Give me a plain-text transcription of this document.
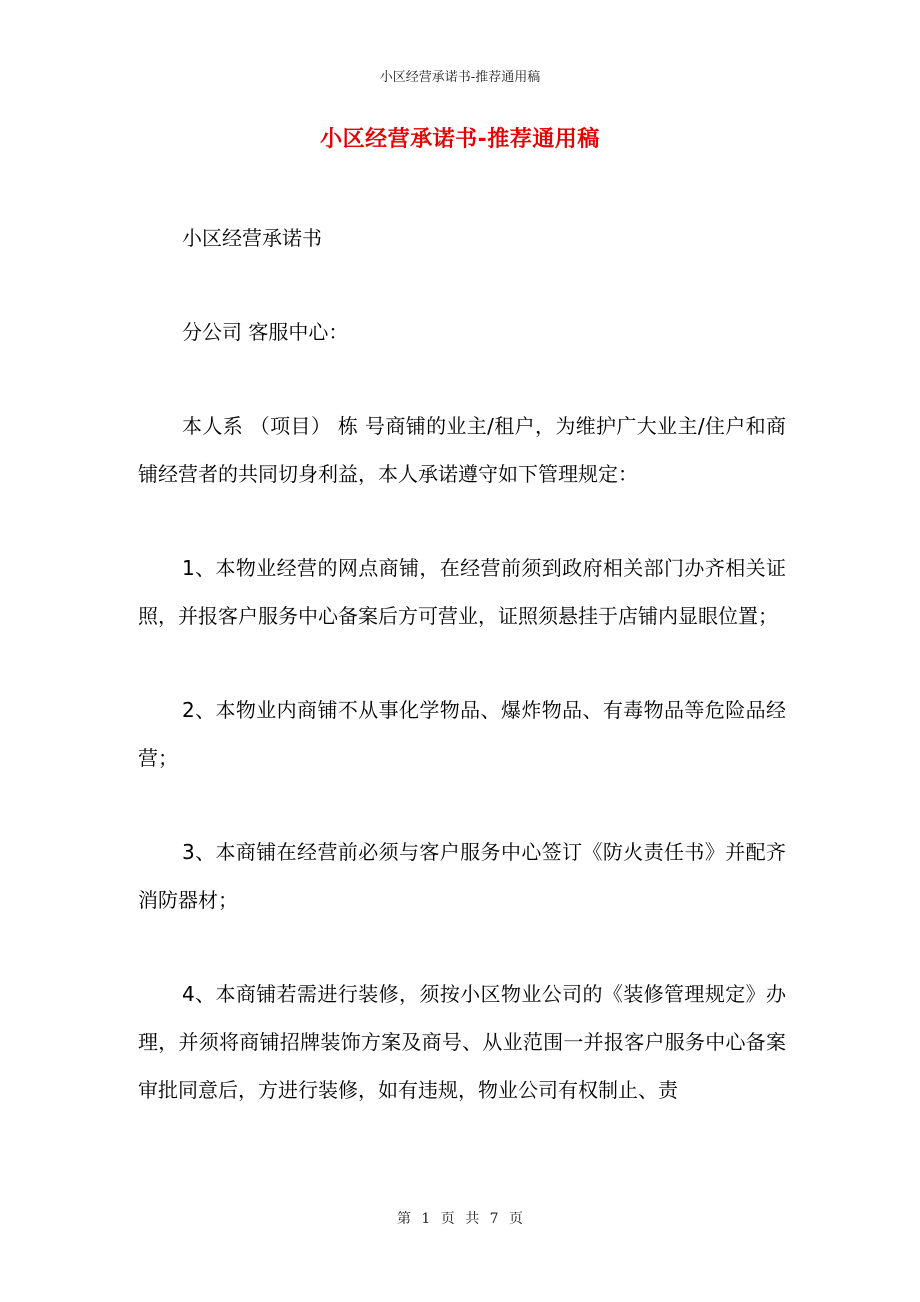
小区经营承诺书-推荐通用稿
小区经营承诺书-推荐通用稿

小区经营承诺书

分公司 客服中心：

本人系 （项目） 栋 号商铺的业主/租户，为维护广大业主/住户和商铺经营者的共同切身利益，本人承诺遵守如下管理规定：

1、本物业经营的网点商铺，在经营前须到政府相关部门办齐相关证照，并报客户服务中心备案后方可营业，证照须悬挂于店铺内显眼位置；

2、本物业内商铺不从事化学物品、爆炸物品、有毒物品等危险品经营；

3、本商铺在经营前必须与客户服务中心签订《防火责任书》并配齐消防器材；

4、本商铺若需进行装修，须按小区物业公司的《装修管理规定》办理，并须将商铺招牌装饰方案及商号、从业范围一并报客户服务中心备案审批同意后，方进行装修，如有违规，物业公司有权制止、责

第 1 页 共 7 页
